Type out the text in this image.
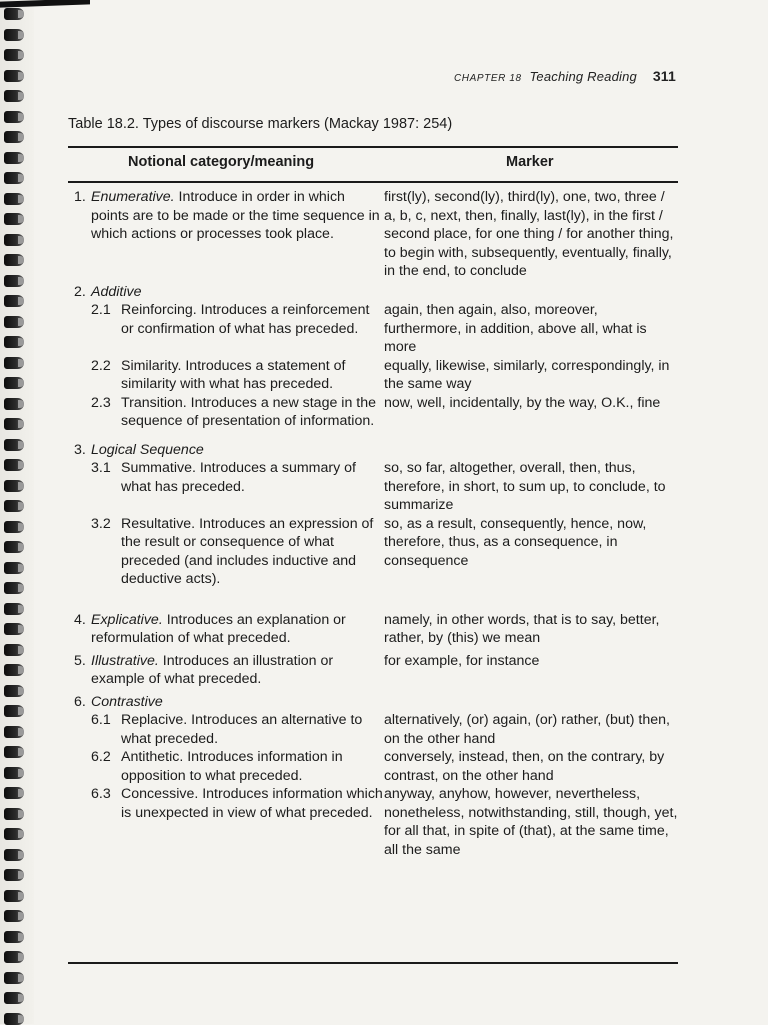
CHAPTER 18 Teaching Reading 311
Table 18.2. Types of discourse markers (Mackay 1987: 254)
Notional category/meaning	Marker
1. Enumerative. Introduce in order in which points are to be made or the time sequence in which actions or processes took place.	first(ly), second(ly), third(ly), one, two, three / a, b, c, next, then, finally, last(ly), in the first / second place, for one thing / for another thing, to begin with, subsequently, eventually, finally, in the end, to conclude

2. Additive	

2.1 Reinforcing. Introduces a reinforcement or confirmation of what has preceded.	again, then again, also, moreover, furthermore, in addition, above all, what is more

2.2 Similarity. Introduces a statement of similarity with what has preceded.	equally, likewise, similarly, correspondingly, in the same way

2.3 Transition. Introduces a new stage in the sequence of presentation of information.	now, well, incidentally, by the way, O.K., fine

3. Logical Sequence	

3.1 Summative. Introduces a summary of what has preceded.	so, so far, altogether, overall, then, thus, therefore, in short, to sum up, to conclude, to summarize

3.2 Resultative. Introduces an expression of the result or consequence of what preceded (and includes inductive and deductive acts).	so, as a result, consequently, hence, now, therefore, thus, as a consequence, in consequence

4. Explicative. Introduces an explanation or reformulation of what preceded.	namely, in other words, that is to say, better, rather, by (this) we mean

5. Illustrative. Introduces an illustration or example of what preceded.	for example, for instance

6. Contrastive	

6.1 Replacive. Introduces an alternative to what preceded.	alternatively, (or) again, (or) rather, (but) then, on the other hand

6.2 Antithetic. Introduces information in opposition to what preceded.	conversely, instead, then, on the contrary, by contrast, on the other hand

6.3 Concessive. Introduces information which is unexpected in view of what preceded.	anyway, anyhow, however, nevertheless, nonetheless, notwithstanding, still, though, yet, for all that, in spite of (that), at the same time, all the same
